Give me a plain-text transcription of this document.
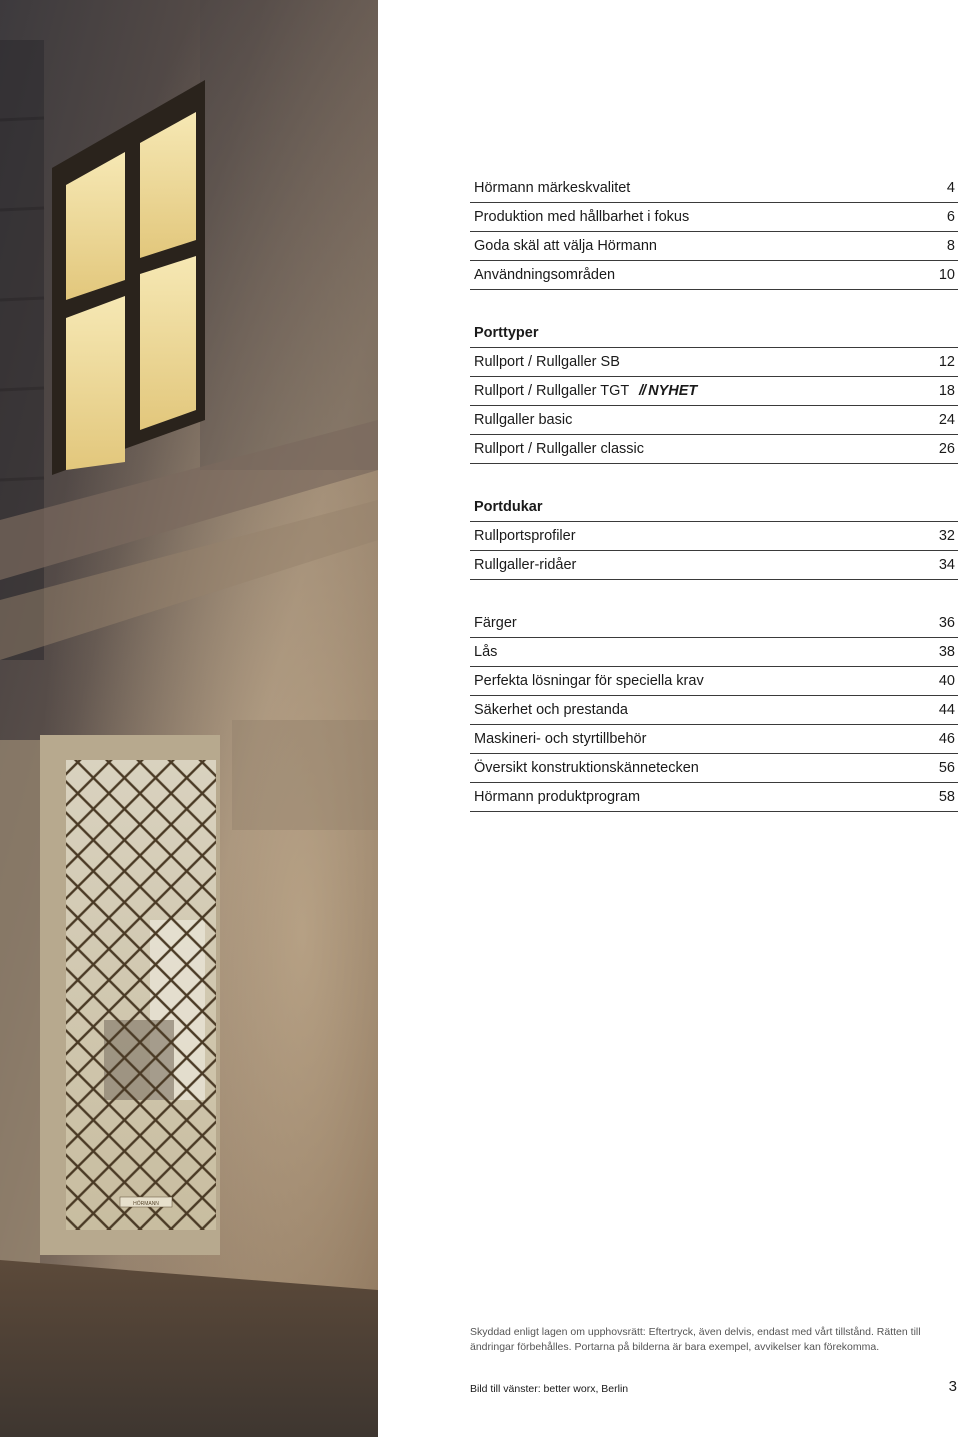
HÖRMANN
Hörmann märkeskvalitet	4
Produktion med hållbarhet i fokus	6
Goda skäl att välja Hörmann	8
Användningsområden	10
Porttyper
Rullport / Rullgaller SB	12
Rullport / Rullgaller TGT // NYHET	18
Rullgaller basic	24
Rullport / Rullgaller classic	26
Portdukar
Rullportsprofiler	32
Rullgaller-ridåer	34
Färger	36
Lås	38
Perfekta lösningar för speciella krav	40
Säkerhet och prestanda	44
Maskineri- och styrtillbehör	46
Översikt konstruktionskännetecken	56
Hörmann produktprogram	58
Skyddad enligt lagen om upphovsrätt: Eftertryck, även delvis, endast med vårt tillstånd. Rätten till ändringar förbehålles. Portarna på bilderna är bara exempel, avvikelser kan förekomma.
Bild till vänster: better worx, Berlin	3
